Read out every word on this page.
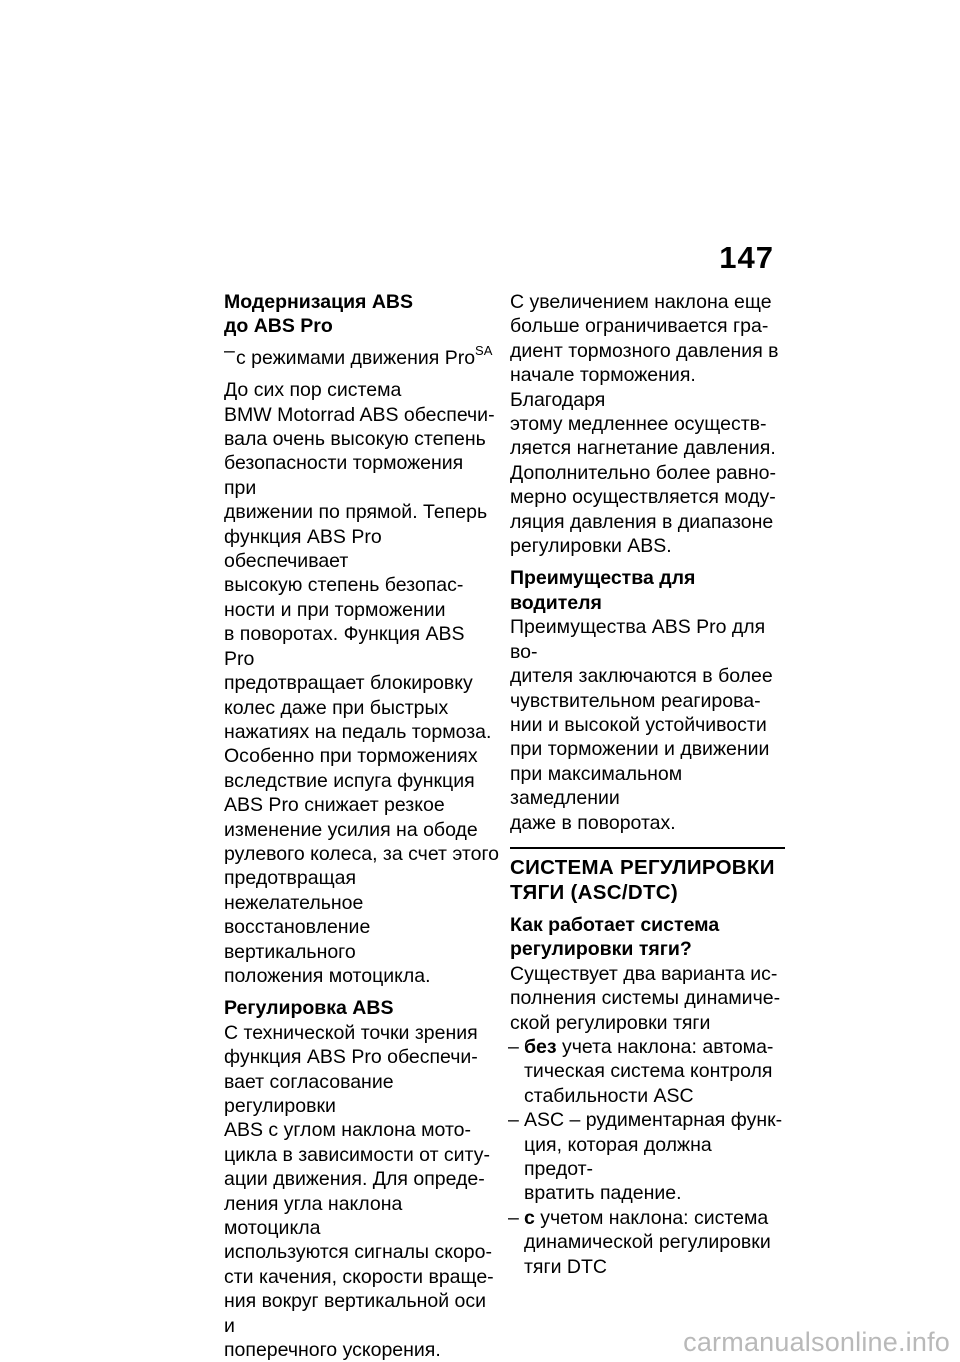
147
Модернизация ABS
до ABS Pro
– с режимами движения Pro$^{SA}$
До сих пор система
BMW Motorrad ABS обеспечи-
вала очень высокую степень
безопасности торможения при
движении по прямой. Теперь
функция ABS Pro обеспечивает
высокую степень безопас-
ности и при торможении
в поворотах. Функция ABS Pro
предотвращает блокировку
колес даже при быстрых
нажатиях на педаль тормоза.
Особенно при торможениях
вследствие испуга функция
ABS Pro снижает резкое
изменение усилия на ободе
рулевого колеса, за счет этого
предотвращая нежелательное
восстановление вертикального
положения мотоцикла.
Регулировка ABS
С технической точки зрения
функция ABS Pro обеспечи-
вает согласование регулировки
ABS с углом наклона мото-
цикла в зависимости от ситу-
ации движения. Для опреде-
ления угла наклона мотоцикла
используются сигналы скоро-
сти качения, скорости враще-
ния вокруг вертикальной оси и
поперечного ускорения.
С увеличением наклона еще
больше ограничивается гра-
диент тормозного давления в
начале торможения. Благодаря
этому медленнее осуществ-
ляется нагнетание давления.
Дополнительно более равно-
мерно осуществляется моду-
ляция давления в диапазоне
регулировки ABS.
Преимущества для
водителя
Преимущества ABS Pro для во-
дителя заключаются в более
чувствительном реагирова-
нии и высокой устойчивости
при торможении и движении
при максимальном замедлении
даже в поворотах.
СИСТЕМА РЕГУЛИРОВКИ
ТЯГИ (ASC/DTC)
Как работает система
регулировки тяги?
Существует два варианта ис-
полнения системы динамиче-
ской регулировки тяги
– без учета наклона: автома-
тическая система контроля
стабильности ASC
– ASC – рудиментарная функ-
ция, которая должна предот-
вратить падение.
– с учетом наклона: система
динамической регулировки
тяги DTC
carmanualsonline.info
